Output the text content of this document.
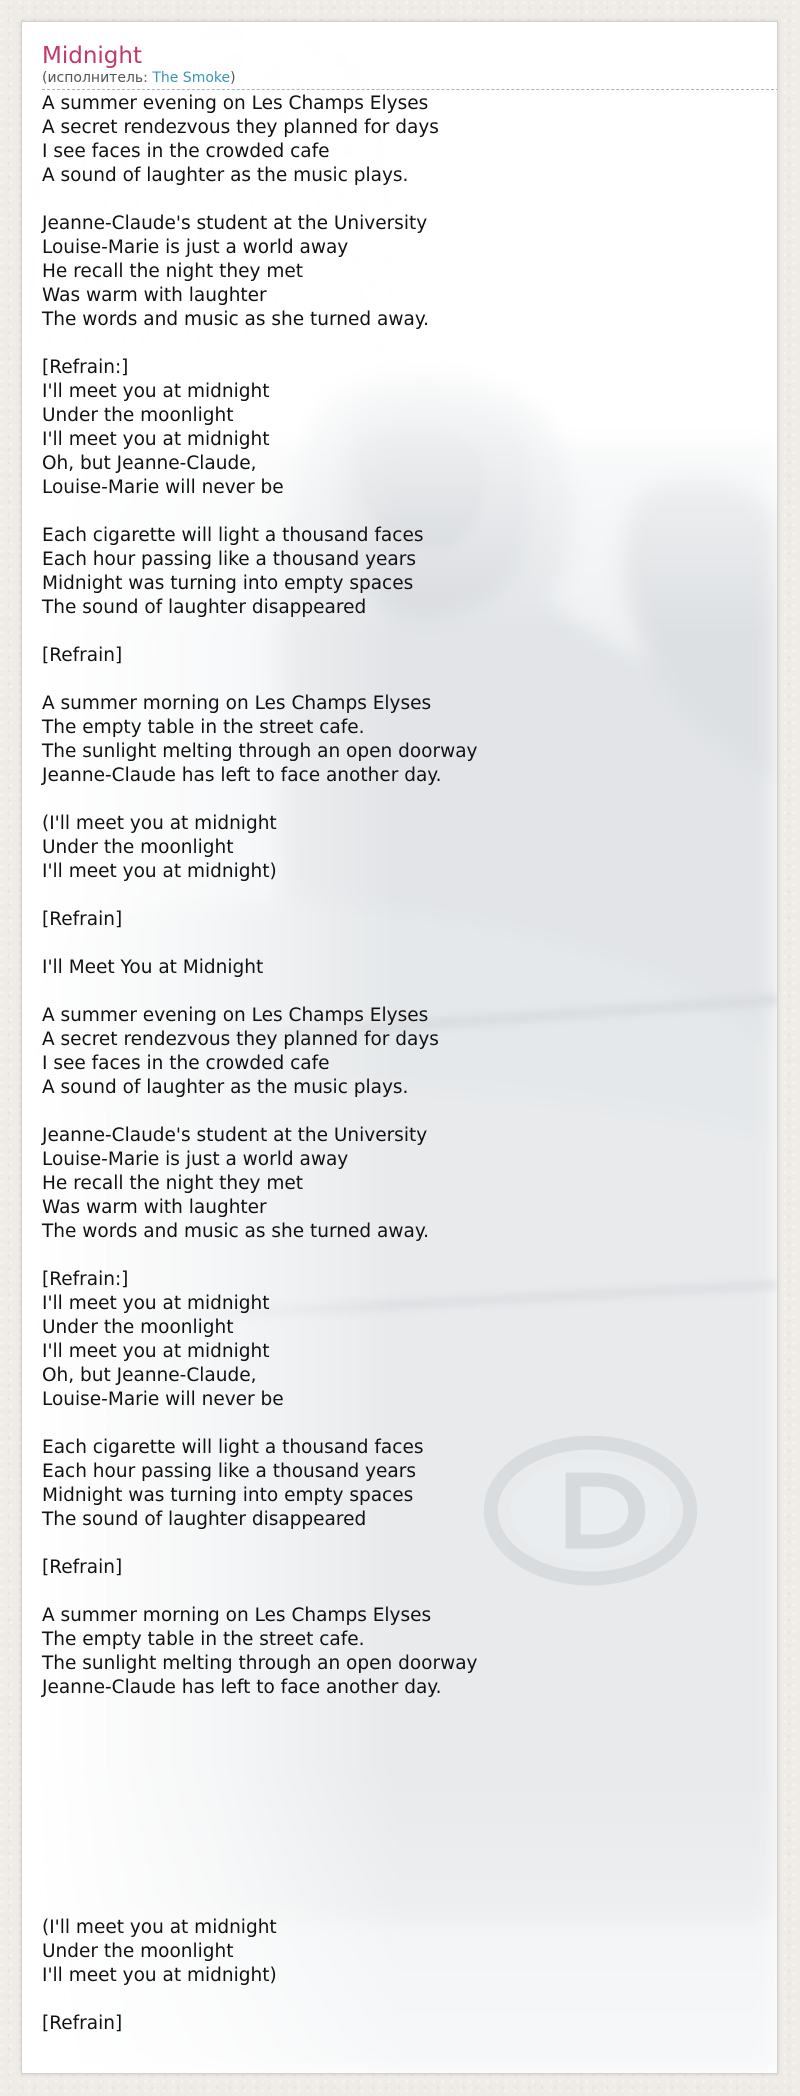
Midnight
(исполнитель: The Smoke)
A summer evening on Les Champs Elyses
A secret rendezvous they planned for days
I see faces in the crowded cafe
A sound of laughter as the music plays.
Jeanne-Claude's student at the University
Louise-Marie is just a world away
He recall the night they met
Was warm with laughter
The words and music as she turned away.
[Refrain:]
I'll meet you at midnight
Under the moonlight
I'll meet you at midnight
Oh, but Jeanne-Claude,
Louise-Marie will never be
Each cigarette will light a thousand faces
Each hour passing like a thousand years
Midnight was turning into empty spaces
The sound of laughter disappeared
[Refrain]
A summer morning on Les Champs Elyses
The empty table in the street cafe.
The sunlight melting through an open doorway
Jeanne-Claude has left to face another day.
(I'll meet you at midnight
Under the moonlight
I'll meet you at midnight)
[Refrain]
I'll Meet You at Midnight
A summer evening on Les Champs Elyses
A secret rendezvous they planned for days
I see faces in the crowded cafe
A sound of laughter as the music plays.
Jeanne-Claude's student at the University
Louise-Marie is just a world away
He recall the night they met
Was warm with laughter
The words and music as she turned away.
[Refrain:]
I'll meet you at midnight
Under the moonlight
I'll meet you at midnight
Oh, but Jeanne-Claude,
Louise-Marie will never be
Each cigarette will light a thousand faces
Each hour passing like a thousand years
Midnight was turning into empty spaces
The sound of laughter disappeared
[Refrain]
A summer morning on Les Champs Elyses
The empty table in the street cafe.
The sunlight melting through an open doorway
Jeanne-Claude has left to face another day.
(I'll meet you at midnight
Under the moonlight
I'll meet you at midnight)
[Refrain]
